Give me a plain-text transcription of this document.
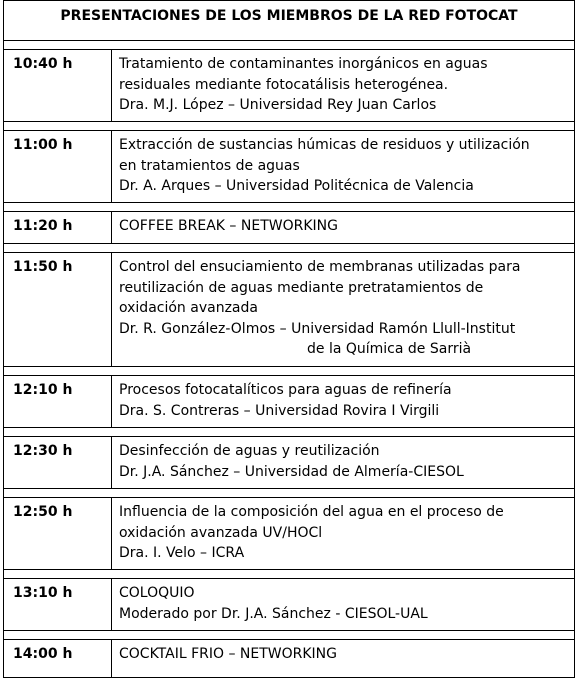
PRESENTACIONES DE LOS MIEMBROS DE LA RED FOTOCAT	

10:40 h	Tratamiento de contaminantes inorgánicos en aguas
residuales mediante fotocatálisis heterogénea.
Dra. M.J. López – Universidad Rey Juan Carlos

11:00 h	Extracción de sustancias húmicas de residuos y utilización
en tratamientos de aguas
Dr. A. Arques – Universidad Politécnica de Valencia

11:20 h	COFFEE BREAK – NETWORKING

11:50 h	Control del ensuciamiento de membranas utilizadas para
reutilización de aguas mediante pretratamientos de
oxidación avanzada
Dr. R. González-Olmos – Universidad Ramón Llull-Institut
de la Química de Sarrià

12:10 h	Procesos fotocatalíticos para aguas de refinería
Dra. S. Contreras – Universidad Rovira I Virgili

12:30 h	Desinfección de aguas y reutilización
Dr. J.A. Sánchez – Universidad de Almería-CIESOL

12:50 h	Influencia de la composición del agua en el proceso de
oxidación avanzada UV/HOCl
Dra. I. Velo – ICRA

13:10 h	COLOQUIO
Moderado por Dr. J.A. Sánchez - CIESOL-UAL

14:00 h	COCKTAIL FRIO – NETWORKING
